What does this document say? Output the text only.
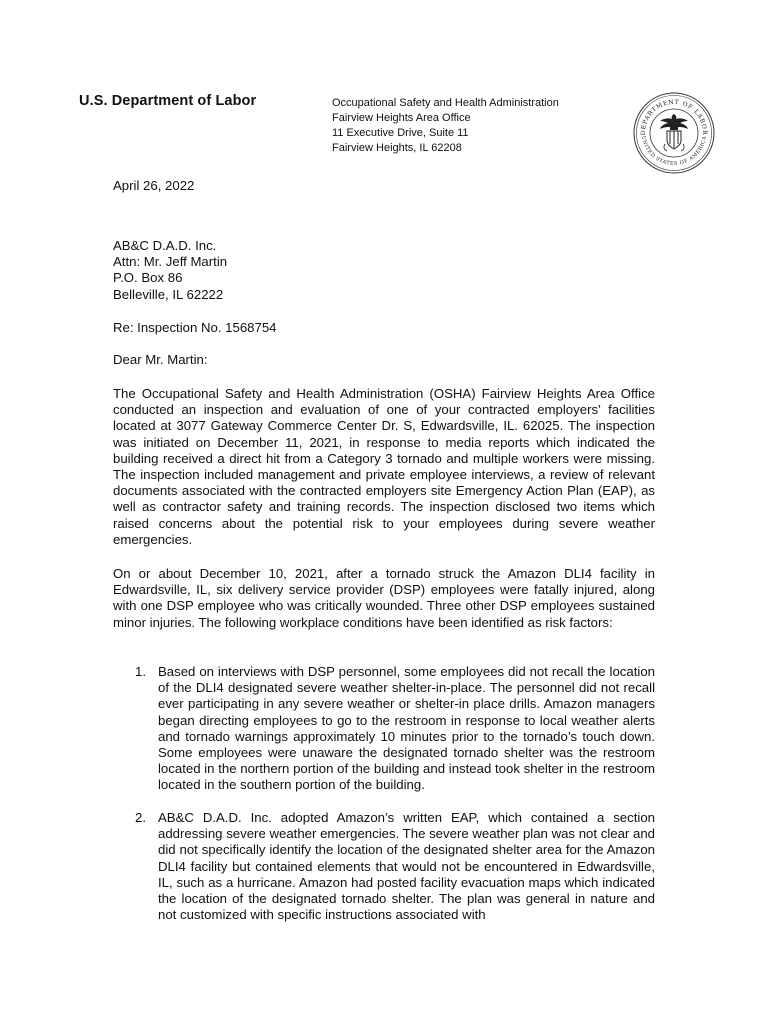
U.S. Department of Labor	Occupational Safety and Health Administration
Fairview Heights Area Office
11 Executive Drive, Suite 11
Fairview Heights, IL 62208
DEPARTMENT OF LABOR
UNITED STATES OF AMERICA
April 26, 2022
AB&C D.A.D. Inc.
Attn: Mr. Jeff Martin
P.O. Box 86
Belleville, IL 62222
Re: Inspection No. 1568754
Dear Mr. Martin:
The Occupational Safety and Health Administration (OSHA) Fairview Heights Area Office conducted an inspection and evaluation of one of your contracted employers’ facilities located at 3077 Gateway Commerce Center Dr. S, Edwardsville, IL. 62025. The inspection was initiated on December 11, 2021, in response to media reports which indicated the building received a direct hit from a Category 3 tornado and multiple workers were missing. The inspection included management and private employee interviews, a review of relevant documents associated with the contracted employers site Emergency Action Plan (EAP), as well as contractor safety and training records. The inspection disclosed two items which raised concerns about the potential risk to your employees during severe weather emergencies.
On or about December 10, 2021, after a tornado struck the Amazon DLI4 facility in Edwardsville, IL, six delivery service provider (DSP) employees were fatally injured, along with one DSP employee who was critically wounded. Three other DSP employees sustained minor injuries. The following workplace conditions have been identified as risk factors:
1. Based on interviews with DSP personnel, some employees did not recall the location of the DLI4 designated severe weather shelter-in-place. The personnel did not recall ever participating in any severe weather or shelter-in place drills. Amazon managers began directing employees to go to the restroom in response to local weather alerts and tornado warnings approximately 10 minutes prior to the tornado’s touch down. Some employees were unaware the designated tornado shelter was the restroom located in the northern portion of the building and instead took shelter in the restroom located in the southern portion of the building.
2. AB&C D.A.D. Inc. adopted Amazon’s written EAP, which contained a section addressing severe weather emergencies. The severe weather plan was not clear and did not specifically identify the location of the designated shelter area for the Amazon DLI4 facility but contained elements that would not be encountered in Edwardsville, IL, such as a hurricane. Amazon had posted facility evacuation maps which indicated the location of the designated tornado shelter. The plan was general in nature and not customized with specific instructions associated with
